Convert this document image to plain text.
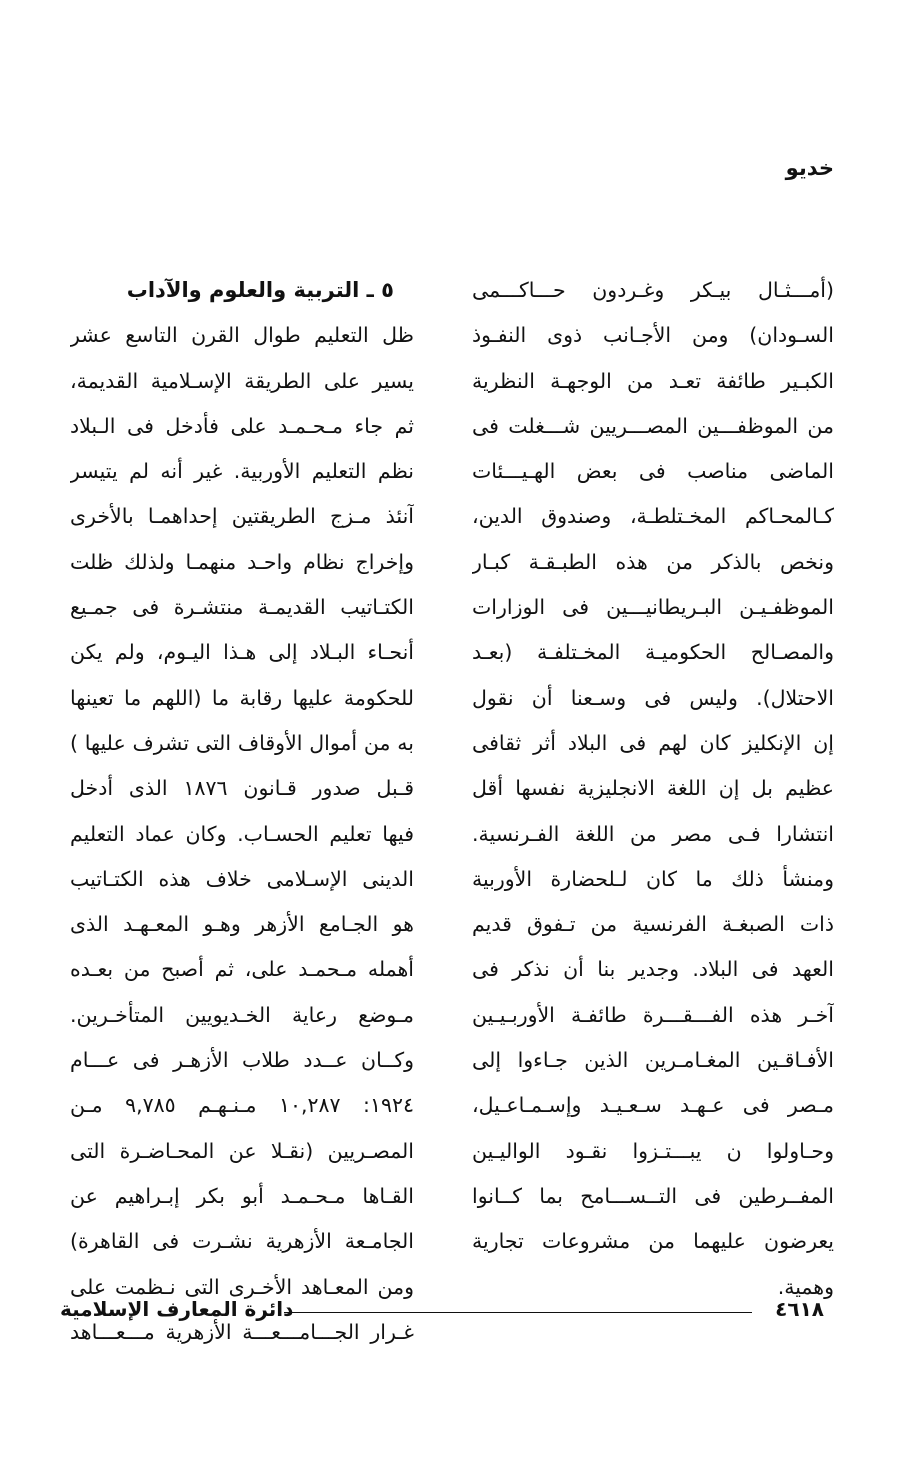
خديو
(أمـــثـال بيـكر وغـردون حـــاكـــمى
السـودان) ومن الأجـانب ذوى النفـوذ
الكبـير طائفة تعـد من الوجهـة النظرية
من الموظفـــين المصـــريين شـــغلت فى
الماضى مناصب فى بعض الهـيـــئات
كـالمحـاكم المخـتلطـة، وصندوق الدين،
ونخص بالذكر من هذه الطبـقـة كبـار
الموظفـيـن البـريطانيـــين فى الوزارات
والمصـالح الحكوميـة المخـتلفـة (بعـد
الاحتلال). وليس فى وسـعنا أن نقول
إن الإنكليز كان لهم فى البلاد أثر ثقافى
عظيم بل إن اللغة الانجليزية نفسها أقل
انتشارا فـى مصر من اللغة الفـرنسية.
ومنشأ ذلك ما كان لـلحضارة الأوربية
ذات الصبغـة الفرنسية من تـفوق قديم
العهد فى البلاد. وجدير بنا أن نذكر فى
آخـر هذه الفـــقـــرة طائفـة الأوربـيـين
الأفـاقـين المغـامـرين الذين جـاءوا إلى
مـصر فى عـهـد سـعـيـد وإسـمـاعـيل،
وحـاولوا ن يبـــتـزوا نقـود الواليـين
المفــرطين فى التــســـامح بما كــانوا
يعرضون عليهما من مشروعات تجارية
وهمية.
٥ ـ التربية والعلوم والآداب
ظل التعليم طوال القرن التاسع عشر
يسير على الطريقة الإسـلامية القديمة،
ثم جاء مـحـمـد على فأدخل فى الـبلاد
نظم التعليم الأوربية. غير أنه لم يتيسر
آنئذ مـزج الطريقتين إحداهمـا بالأخرى
وإخراج نظام واحـد منهمـا ولذلك ظلت
الكتـاتيب القديمـة منتشـرة فى جمـيع
أنحـاء البـلاد إلى هـذا اليـوم، ولم يكن
للحكومة عليها رقابة ما (اللهم ما تعينها
به من أموال الأوقاف التى تشرف عليها )
قـبل صدور قـانون ١٨٧٦ الذى أدخل
فيها تعليم الحسـاب. وكان عماد التعليم
الدينى الإسـلامى خلاف هذه الكتـاتيب
هو الجـامع الأزهر وهـو المعـهـد الذى
أهمله مـحمـد على، ثم أصبح من بعـده
مـوضع رعاية الخـديويين المتأخـرين.
وكــان عــدد طلاب الأزهـر فى عـــام
١٩٢٤: ١٠,٢٨٧ مـنـهـم ٩,٧٨٥ مـن
المصـريين (نقـلا عن المحـاضـرة التى
القـاها مـحـمـد أبو بكر إبـراهيم عن
الجامـعة الأزهرية نشـرت فى القاهرة)
ومن المعـاهد الأخـرى التى نـظمت على
غـرار الجـــامـــعـــة الأزهرية مـــعـــاهد
٤٦١٨
دائرة المعارف الإسلامية
